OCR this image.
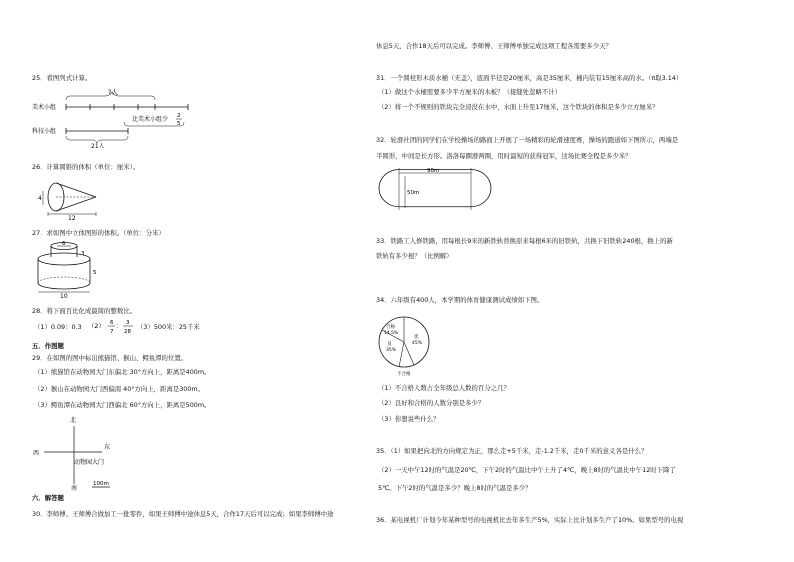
25．看图列式计算。
美术小组
科技小组
?人
比美术小组少 2
5
21人
26．计算圆锥的体积（单位：厘米）。
4
12
27．求如图中立体图形的体积。（单位：分米）
6
3
5
10
28．将下面百比化成最简的整数比。
（1）0.09：0.3 （2） 6
7
： 3
28
（3）500米：25千米
五．作图题
29．在如图的图中标出熊猫馆、猴山、鳄鱼潭的位置。
（1）熊猫馆在动物园大门东偏北 30°方向上，距离是400m。
（2）猴山在动物园大门西偏南 40°方向上，距离是300m。
（3）鳄鱼潭在动物园大门西偏北 60°方向上，距离是500m。
北
西
东
动物园大门
南
100m
六．解答题
30．李师傅、王师傅合做加工一批零件，如果王师傅中途休息5天，合作17天后可以完成；如果李师傅中途
休息5天，合作18天后可以完成。李师傅、王师傅单独完成这项工程各需要多少天？
31．一个圆柱形木质水桶（无盖），底面半径是20厘米，高是35厘米，桶内装有15厘米高的水。（π取3.14）
（1）做这个水桶需要多少平方厘米的木板？（接缝处忽略不计）
（2）将一个不规则的铁块完全浸没在水中，水面上升至17厘米，这个铁块的体积是多少立方厘米？
32．轮滑社团的同学们在学校操场的路面上开展了一场精彩的轮滑速度赛，操场的跑道如下图所示，两端是
半圆形，中间是长方形。洛洛每圈滑两圈，用时最短的获得冠军，这场比赛全程是多少米？
90m
50m
33．铁路工人修铁路，用每根长9米的新铁轨替换原来每根6米的旧铁轨，共换下旧铁轨240根，换上的新
铁轨有多少根？（比例解）
34．六年级有400人，本学期的体育健康测试成绩如下图。
合格
14.5%
优
45%
良
35%
不合格
（1）不合格人数占全年级总人数的百分之几？
（2）良好和合格的人数分别是多少？
（3）你想说些什么？
35．（1）如果把向北的方向规定为正，那么走+5千米，走-1.2千米，走0千米的意义各是什么？
（2）一天中午12时的气温是20℃，下午2时的气温比中午上升了4℃，晚上8时的气温比中午12时下降了
5℃。下午2时的气温是多少？晚上8时的气温是多少？
36．某电视机厂计划今年某种型号的电视机比去年多生产5%，实际上比计划多生产了10%。如果型号的电视
